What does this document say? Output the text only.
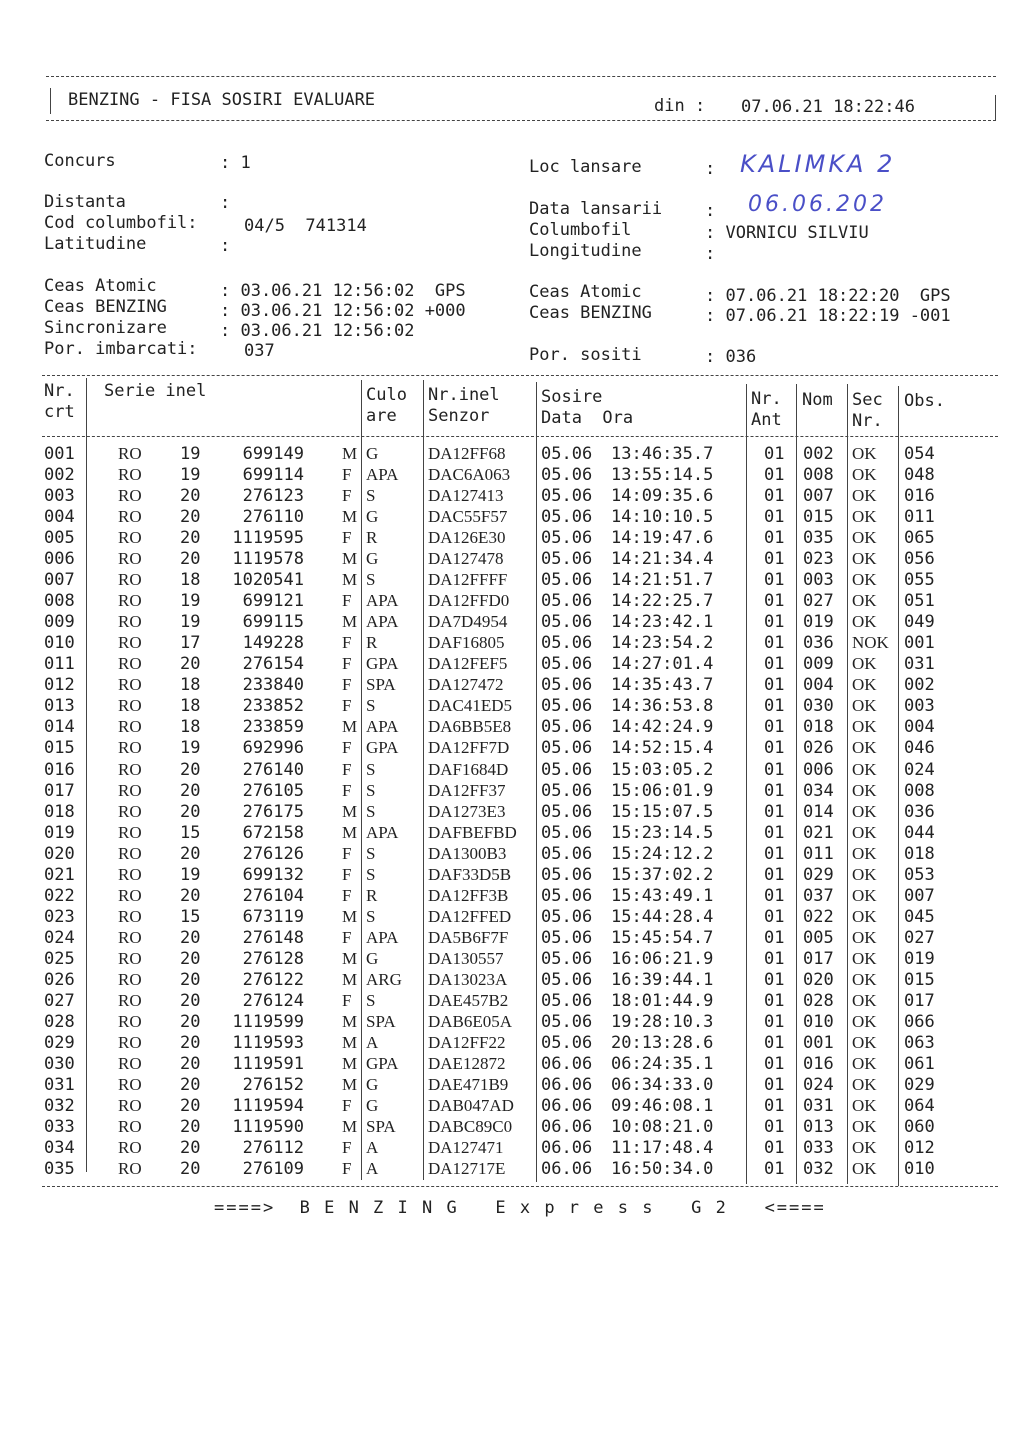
BENZING - FISA SOSIRI EVALUARE	din : 07.06.21 18:22:46
Concurs	: 1	Loc lansare	: KALIMKA 2
Distanta	:
Cod columbofil:	04/5  741314
Latitudine	:
Data lansarii	: 06.06.202
Columbofil	: VORNICU SILVIU
Longitudine	:
Ceas Atomic	: 03.06.21 12:56:02  GPS
Ceas BENZING	: 03.06.21 12:56:02 +000
Sincronizare	: 03.06.21 12:56:02
Por. imbarcati:	037
Ceas Atomic	: 07.06.21 18:22:20  GPS
Ceas BENZING	: 07.06.21 18:22:19 -001
Por. sositi	: 036
Nr.
crt
Serie inel	Culo
are
Nr.inel
Senzor
Sosire
Data  Ora
Nr.
Ant
Nom Sec
Nr.
Obs.
001	RO 19 699149 M G	DA12FF68 05.06 13:46:35.7	01 002 OK 054
002	RO 19 699114 F APA DAC6A063 05.06 13:55:14.5	01 008 OK 048
003	RO 20 276123 F S	DA127413 05.06 14:09:35.6	01 007 OK 016
004	RO 20 276110 M G	DAC55F57 05.06 14:10:10.5	01 015 OK 011
005	RO 20 1119595 F R	DA126E30 05.06 14:19:47.6	01 035 OK 065
006	RO 20 1119578 M G	DA127478 05.06 14:21:34.4	01 023 OK 056
007	RO 18 1020541 M S	DA12FFFF 05.06 14:21:51.7	01 003 OK 055
008	RO 19 699121 F APA DA12FFD0 05.06 14:22:25.7	01 027 OK 051
009	RO 19 699115 M APA DA7D4954 05.06 14:23:42.1	01 019 OK 049
010	RO 17 149228 F R	DAF16805 05.06 14:23:54.2	01 036 NOK 001
011	RO 20 276154 F GPA DA12FEF5 05.06 14:27:01.4	01 009 OK 031
012	RO 18 233840 F SPA DA127472 05.06 14:35:43.7	01 004 OK 002
013	RO 18 233852 F S	DAC41ED5 05.06 14:36:53.8	01 030 OK 003
014	RO 18 233859 M APA DA6BB5E8 05.06 14:42:24.9	01 018 OK 004
015	RO 19 692996 F GPA DA12FF7D 05.06 14:52:15.4	01 026 OK 046
016	RO 20 276140 F S	DAF1684D 05.06 15:03:05.2	01 006 OK 024
017	RO 20 276105 F S	DA12FF37 05.06 15:06:01.9	01 034 OK 008
018	RO 20 276175 M S	DA1273E3 05.06 15:15:07.5	01 014 OK 036
019	RO 15 672158 M APA DAFBEFBD 05.06 15:23:14.5	01 021 OK 044
020	RO 20 276126 F S	DA1300B3 05.06 15:24:12.2	01 011 OK 018
021	RO 19 699132 F S	DAF33D5B 05.06 15:37:02.2	01 029 OK 053
022	RO 20 276104 F R	DA12FF3B 05.06 15:43:49.1	01 037 OK 007
023	RO 15 673119 M S	DA12FFED 05.06 15:44:28.4	01 022 OK 045
024	RO 20 276148 F APA DA5B6F7F 05.06 15:45:54.7	01 005 OK 027
025	RO 20 276128 M G	DA130557 05.06 16:06:21.9	01 017 OK 019
026	RO 20 276122 M ARG DA13023A 05.06 16:39:44.1	01 020 OK 015
027	RO 20 276124 F S	DAE457B2 05.06 18:01:44.9	01 028 OK 017
028	RO 20 1119599 M SPA DAB6E05A 05.06 19:28:10.3	01 010 OK 066
029	RO 20 1119593 M A	DA12FF22 05.06 20:13:28.6	01 001 OK 063
030	RO 20 1119591 M GPA DAE12872 06.06 06:24:35.1	01 016 OK 061
031	RO 20 276152 M G	DAE471B9 06.06 06:34:33.0	01 024 OK 029
032	RO 20 1119594 F G	DAB047AD 06.06 09:46:08.1	01 031 OK 064
033	RO 20 1119590 M SPA DABC89C0 06.06 10:08:21.0	01 013 OK 060
034	RO 20 276112 F A	DA127471 06.06 11:17:48.4	01 033 OK 012
035	RO 20 276109 F A	DA12717E 06.06 16:50:34.0	01 032 OK 010
====>  B E N Z I N G   E x p r e s s   G 2   <====
